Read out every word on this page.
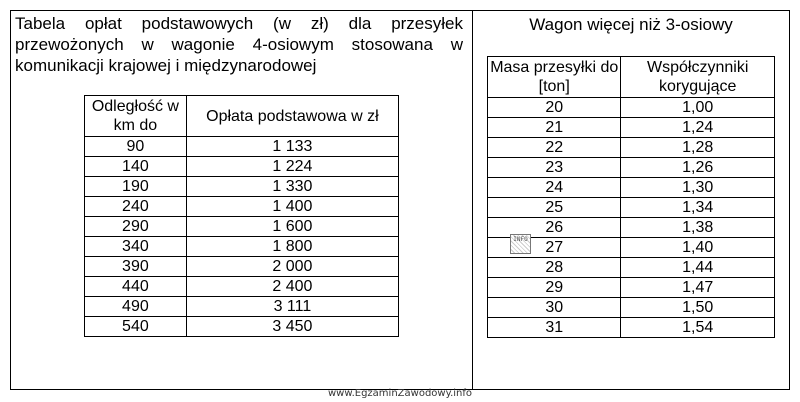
Tabela opłat podstawowych (w zł) dla przesyłek przewożonych w wagonie 4-osiowym stosowana w komunikacji krajowej i międzynarodowej
Odległość w km do	Opłata podstawowa w zł
90	1 133
140	1 224
190	1 330
240	1 400
290	1 600
340	1 800
390	2 000
440	2 400
490	3 111
540	3 450
Wagon więcej niż 3-osiowy
Masa przesyłki do [ton]	Współczynniki korygujące
20	1,00
21	1,24
22	1,28
23	1,26
24	1,30
25	1,34
26	1,38
27	1,40
28	1,44
29	1,47
30	1,50
31	1,54
INFO
www.EgzaminZawodowy.info
